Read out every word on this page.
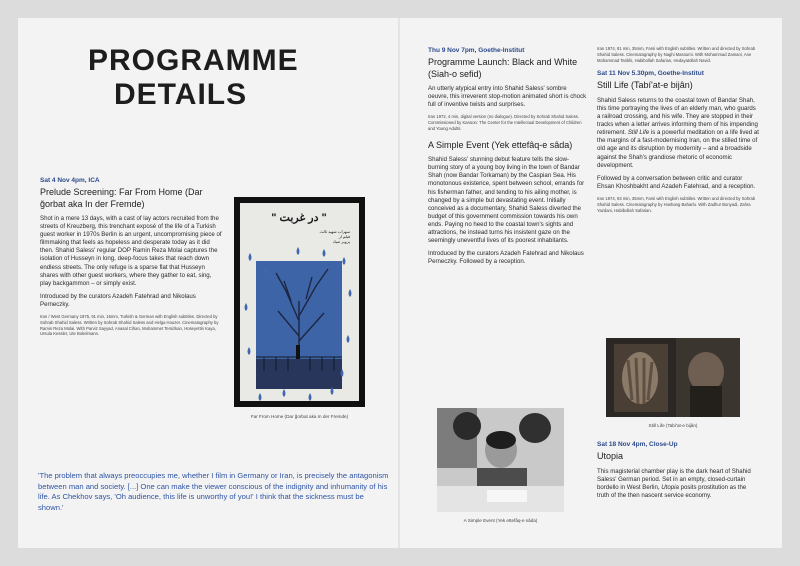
PROGRAMME
DETAILS

Sat 4 Nov 4pm, ICA

Prelude Screening: Far From Home (Dar ğorbat aka In der Fremde)

Shot in a mere 13 days, with a cast of lay actors recruited from the streets of Kreuzberg, this trenchant exposé of the life of a Turkish guest worker in 1970s Berlin is an urgent, uncompromising piece of filmmaking that feels as hopeless and desperate today as it did then. Shahid Saless' regular DOP Ramin Reza Molai captures the isolation of Husseyn in long, deep-focus takes that reach down endless streets. The only refuge is a sparse flat that Husseyn shares with other guest workers, where they gather to eat, sing, play backgammon – or simply exist.

Introduced by the curators Azadeh Fatehrad and Nikolaus Perneczky.

Iran / West Germany 1975, 91 min, 16mm, Turkish & German with English subtitles. Directed by Sohrab Shahid Saless. Written by Sohrab Shahid Saless and Helga Houzer. Cinematography by Ramin Reza Molai. With Parviz Sayyad, Anasal Cihan, Muhammet Temizkan, Hüseyettin Kaya, Ursula Kessler, Ute Bokelmann.

" در غربت "
سهراب شهید ثالث
فیلم از
پرویز صیاد

Far From Home (Dar ğorbat aka In der Fremde)

Thu 9 Nov 7pm, Goethe-Institut

Programme Launch: Black and White (Siah-o sefid)

An utterly atypical entry into Shahid Saless' sombre oeuvre, this irreverent stop-motion animated short is chock full of inventive twists and surprises.

Iran 1972, 4 min, digital version (no dialogue). Directed by Sohrab Shahid Saless. Commissioned by Kanoon: The Center for the Intellectual Development of Children and Young Adults.

A Simple Event (Yek ettefâq-e sâda)

Shahid Saless' stunning debut feature tells the slow-burning story of a young boy living in the town of Bandar Shah (now Bandar Torkaman) by the Caspian Sea. His monotonous existence, spent between school, errands for his fisherman father, and tending to his ailing mother, is changed by a simple but devastating event. Initially conceived as a documentary, Shahid Saless diverted the budget of this government commission towards his own ends. Paying no heed to the coastal town's sights and attractions, he instead turns his insistent gaze on the seemingly uneventful lives of its poorest inhabitants.

Introduced by the curators Azadeh Fatehrad and Nikolaus Perneczky. Followed by a reception.

A Simple Event (Yek ettefâq-e sâda)

Iran 1974, 81 min, 35mm, Farsi with English subtitles. Written and directed by Sohrab Shahid Saless. Cinematography by Naghi Masoumi. With Mohammad Zamani, Ane Mohammad Tarikhi, Habibollah Safarian, Hedayatollah Navid.

Sat 11 Nov 5.30pm, Goethe-Institut

Still Life (Tabí'at-e bijân)

Shahid Saless returns to the coastal town of Bandar Shah, this time portraying the lives of an elderly man, who guards a railroad crossing, and his wife. They are stopped in their tracks when a letter arrives informing them of his impending retirement. Still Life is a powerful meditation on a life lived at the margins of a fast-modernising Iran, on the stilled time of old age and its disruption by modernity – and a broadside against the Shah's grandiose rhetoric of economic development.

Followed by a conversation between critic and curator Ehsan Khoshbakht and Azadeh Fatehrad, and a reception.

Iran 1974, 93 min, 35mm, Farsi with English subtitles. Written and directed by Sohrab Shahid Saless. Cinematography by Hushang Baharlu. With Zadhur Bonyadi, Zahra Yazdani, Habibollah Safarian.

Still Life (Tabí'at-e bijân)

Sat 18 Nov 4pm, Close-Up

Utopia

This magisterial chamber play is the dark heart of Shahid Saless' German period. Set in an empty, closed-curtain bordello in West Berlin, Utopia posits prostitution as the truth of the then nascent service economy.

'The problem that always preoccupies me, whether I film in Germany or Iran, is precisely the antagonism between man and society. [...] One can make the viewer conscious of the indignity and inhumanity of his life. As Chekhov says, 'Oh audience, this life is unworthy of you!' I think that the sickness must be shown.'
